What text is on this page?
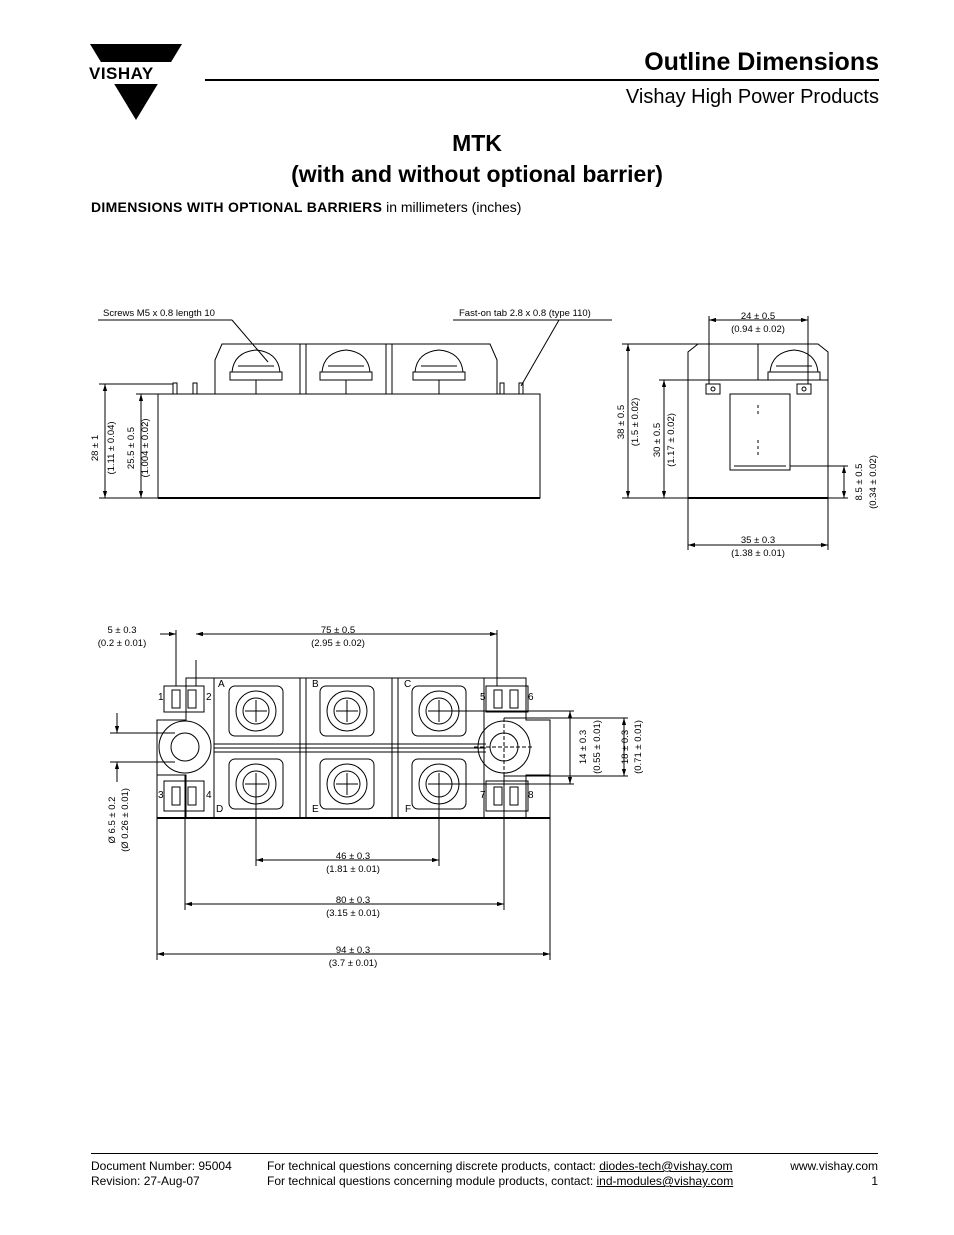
VISHAY	Outline Dimensions
Vishay High Power Products
MTK
(with and without optional barrier)
DIMENSIONS WITH OPTIONAL BARRIERS in millimeters (inches)
Screws M5 x 0.8 length 10	Fast-on tab 2.8 x 0.8 (type 110)
28 ± 1 (1.11 ± 0.04) 25.5 ± 0.5 (1.004 ± 0.02)
24 ± 0.5
(0.94 ± 0.02)
38 ± 0.5 (1.5 ± 0.02) 30 ± 0.5 (1.17 ± 0.02)
8.5 ± 0.5 (0.34 ± 0.02)
35 ± 0.3
(1.38 ± 0.01)
5 ± 0.3
(0.2 ± 0.01)
75 ± 0.5
(2.95 ± 0.02)
Ø 6.5 ± 0.2 (Ø 0.26 ± 0.01)
14 ± 0.3 (0.55 ± 0.01) 18 ± 0.3 (0.71 ± 0.01)
46 ± 0.3
(1.81 ± 0.01)
80 ± 0.3
(3.15 ± 0.01)
94 ± 0.3
(3.7 ± 0.01)
A	B	C
D	E	F
1	2
3	4
5	6
7	8
Document Number: 95004
Revision: 27-Aug-07
For technical questions concerning discrete products, contact: diodes-tech@vishay.com
For technical questions concerning module products, contact: ind-modules@vishay.com
www.vishay.com
1
